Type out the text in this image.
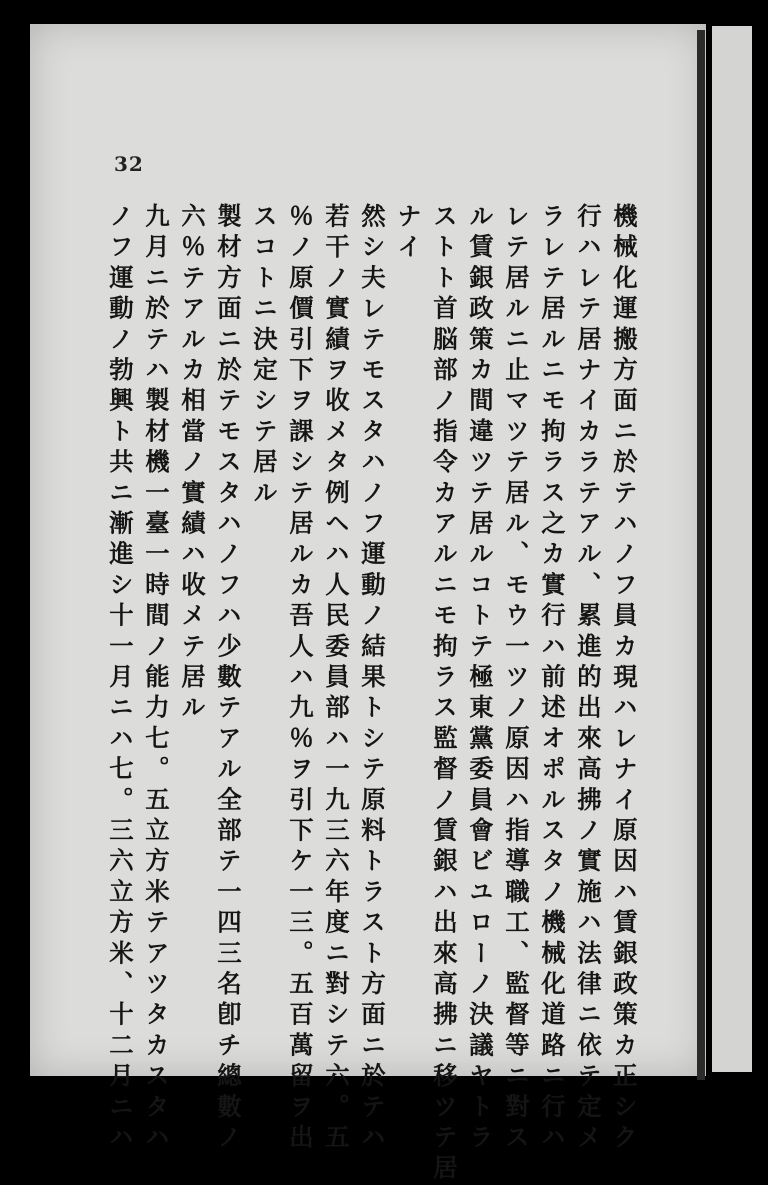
32
機械化運搬方面ニ於テハノフ員カ現ハレナイ原因ハ賃銀政策カ正シク
行ハレテ居ナイカラテアル、累進的出來高拂ノ實施ハ法律ニ依テ定メ
ラレテ居ルニモ拘ラス之カ實行ハ前述オポルスタノ機械化道路ニ行ハ
レテ居ルニ止マツテ居ル、モウ一ツノ原因ハ指導職工、監督等ニ對ス
ル賃銀政策カ間違ツテ居ルコトテ極東黨委員會ビユローノ決議ヤトラ
ストト首脳部ノ指令カアルニモ拘ラス監督ノ賃銀ハ出來高拂ニ移ツテ居
ナイ
然シ夫レテモスタハノフ運動ノ結果トシテ原料トラスト方面ニ於テハ
若干ノ實績ヲ收メタ例ヘハ人民委員部ハ一九三六年度ニ對シテ六。五
％ノ原價引下ヲ課シテ居ルカ吾人ハ九％ヲ引下ケ一三。五百萬留ヲ出
スコトニ決定シテ居ル
製材方面ニ於テモスタハノフハ少數テアル全部テ一四三名卽チ總數ノ
六％テアルカ相當ノ實績ハ收メテ居ル
九月ニ於テハ製材機一臺一時間ノ能力七。五立方米テアツタカスタハ
ノフ運動ノ勃興ト共ニ漸進シ十一月ニハ七。三六立方米、十二月ニハ
